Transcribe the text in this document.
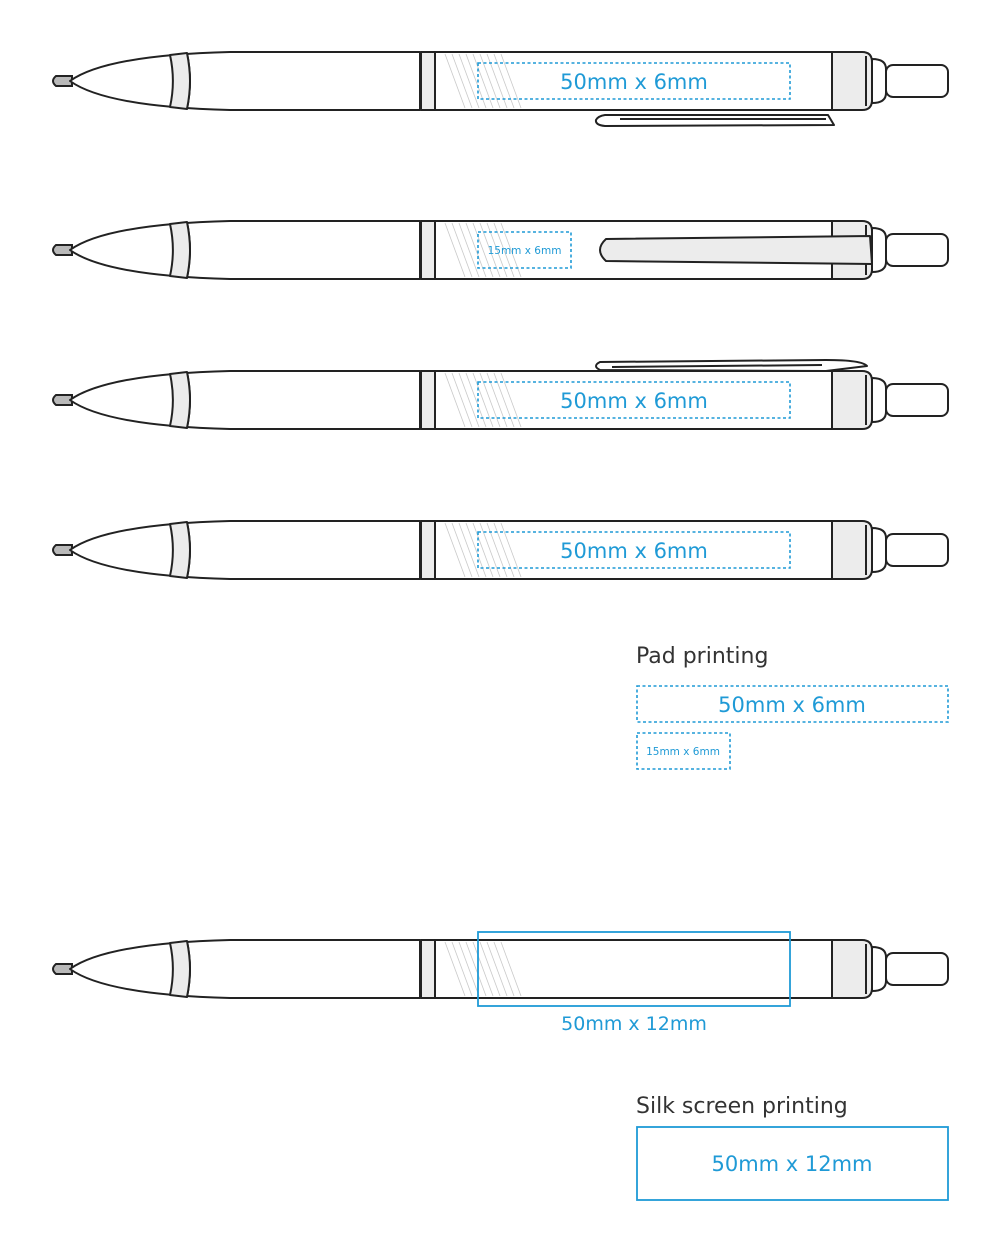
50mm x 6mm
15mm x 6mm
50mm x 6mm
50mm x 6mm
50mm x 12mm
Pad printing
50mm x 6mm
15mm x 6mm
Silk screen printing
50mm x 12mm
